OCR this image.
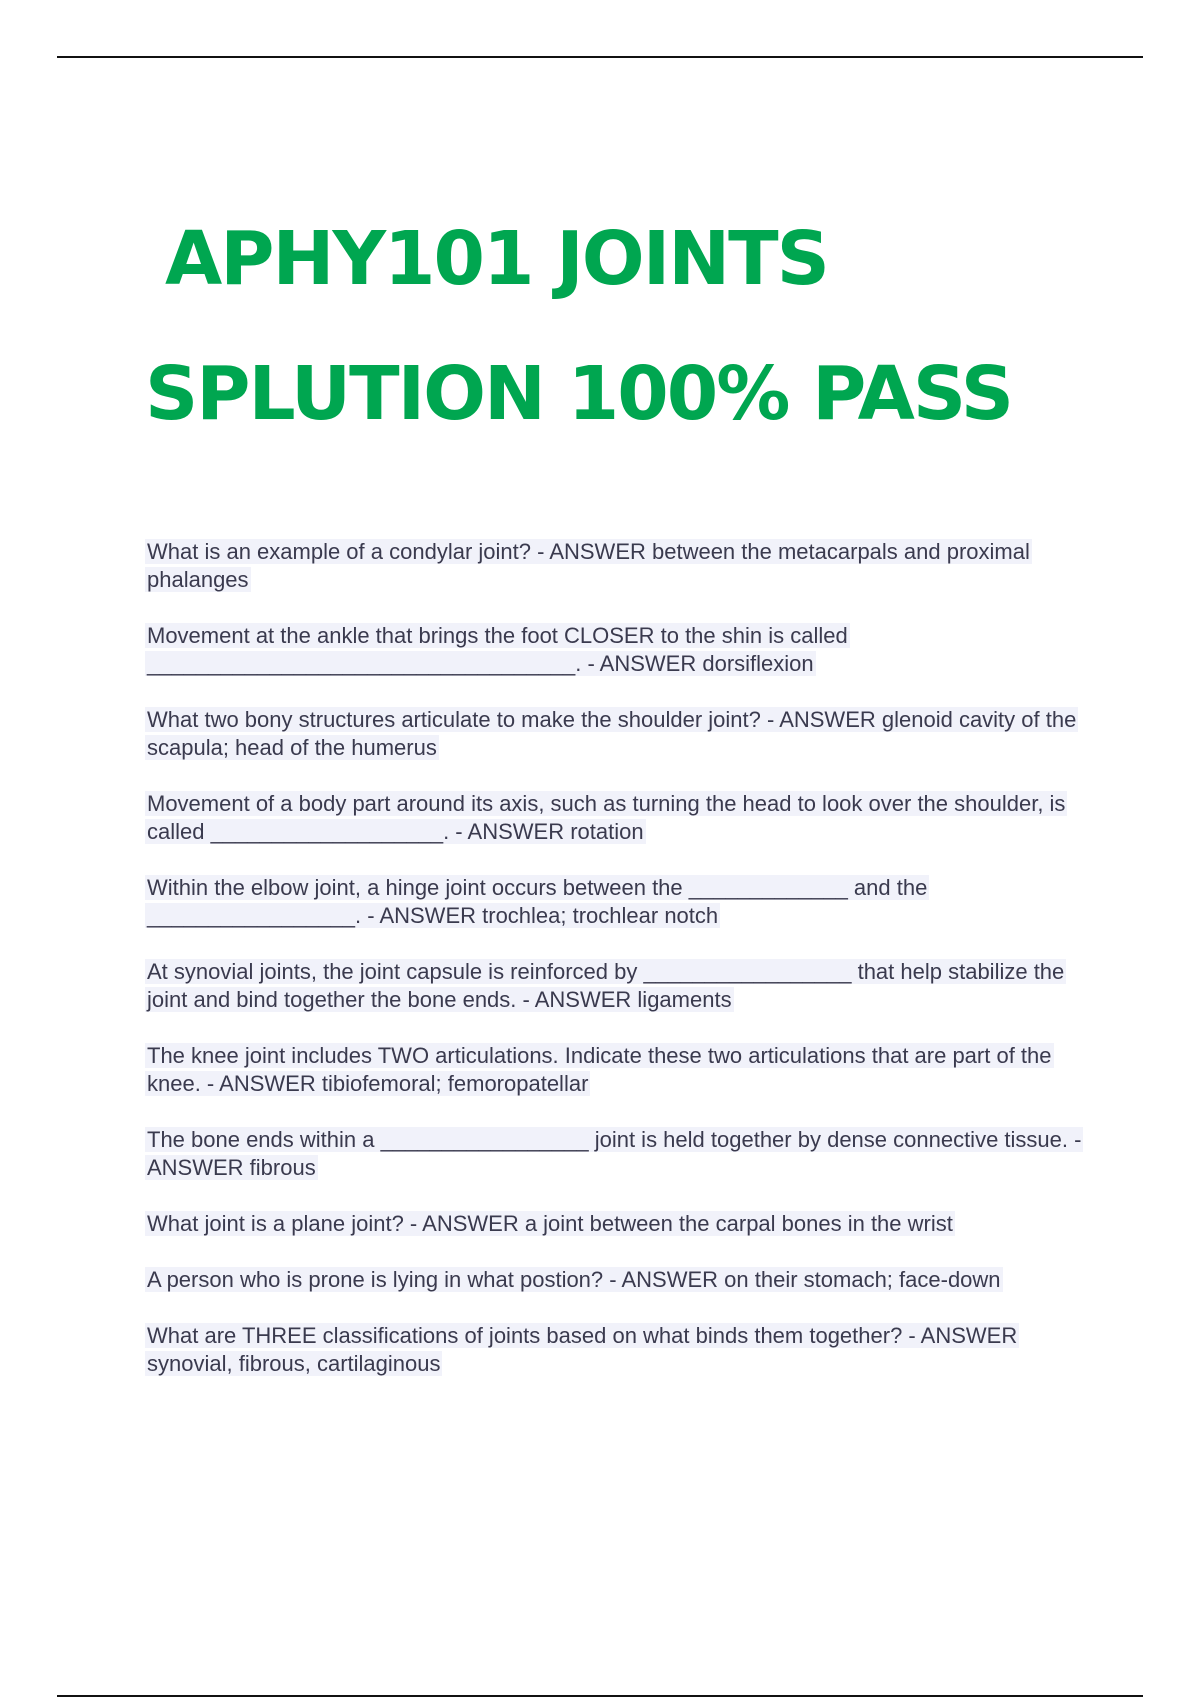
APHY101 JOINTS
SPLUTION 100% PASS
What is an example of a condylar joint? - ANSWER between the metacarpals and proximal phalanges
Movement at the ankle that brings the foot CLOSER to the shin is called ___________________________________. - ANSWER dorsiflexion
What two bony structures articulate to make the shoulder joint? - ANSWER glenoid cavity of the scapula; head of the humerus
Movement of a body part around its axis, such as turning the head to look over the shoulder, is called ___________________. - ANSWER rotation
Within the elbow joint, a hinge joint occurs between the _____________ and the _________________. - ANSWER trochlea; trochlear notch
At synovial joints, the joint capsule is reinforced by _________________ that help stabilize the joint and bind together the bone ends. - ANSWER ligaments
The knee joint includes TWO articulations. Indicate these two articulations that are part of the knee. - ANSWER tibiofemoral; femoropatellar
The bone ends within a _________________ joint is held together by dense connective tissue. - ANSWER fibrous
What joint is a plane joint? - ANSWER a joint between the carpal bones in the wrist
A person who is prone is lying in what postion? - ANSWER on their stomach; face-down
What are THREE classifications of joints based on what binds them together? - ANSWER synovial, fibrous, cartilaginous
